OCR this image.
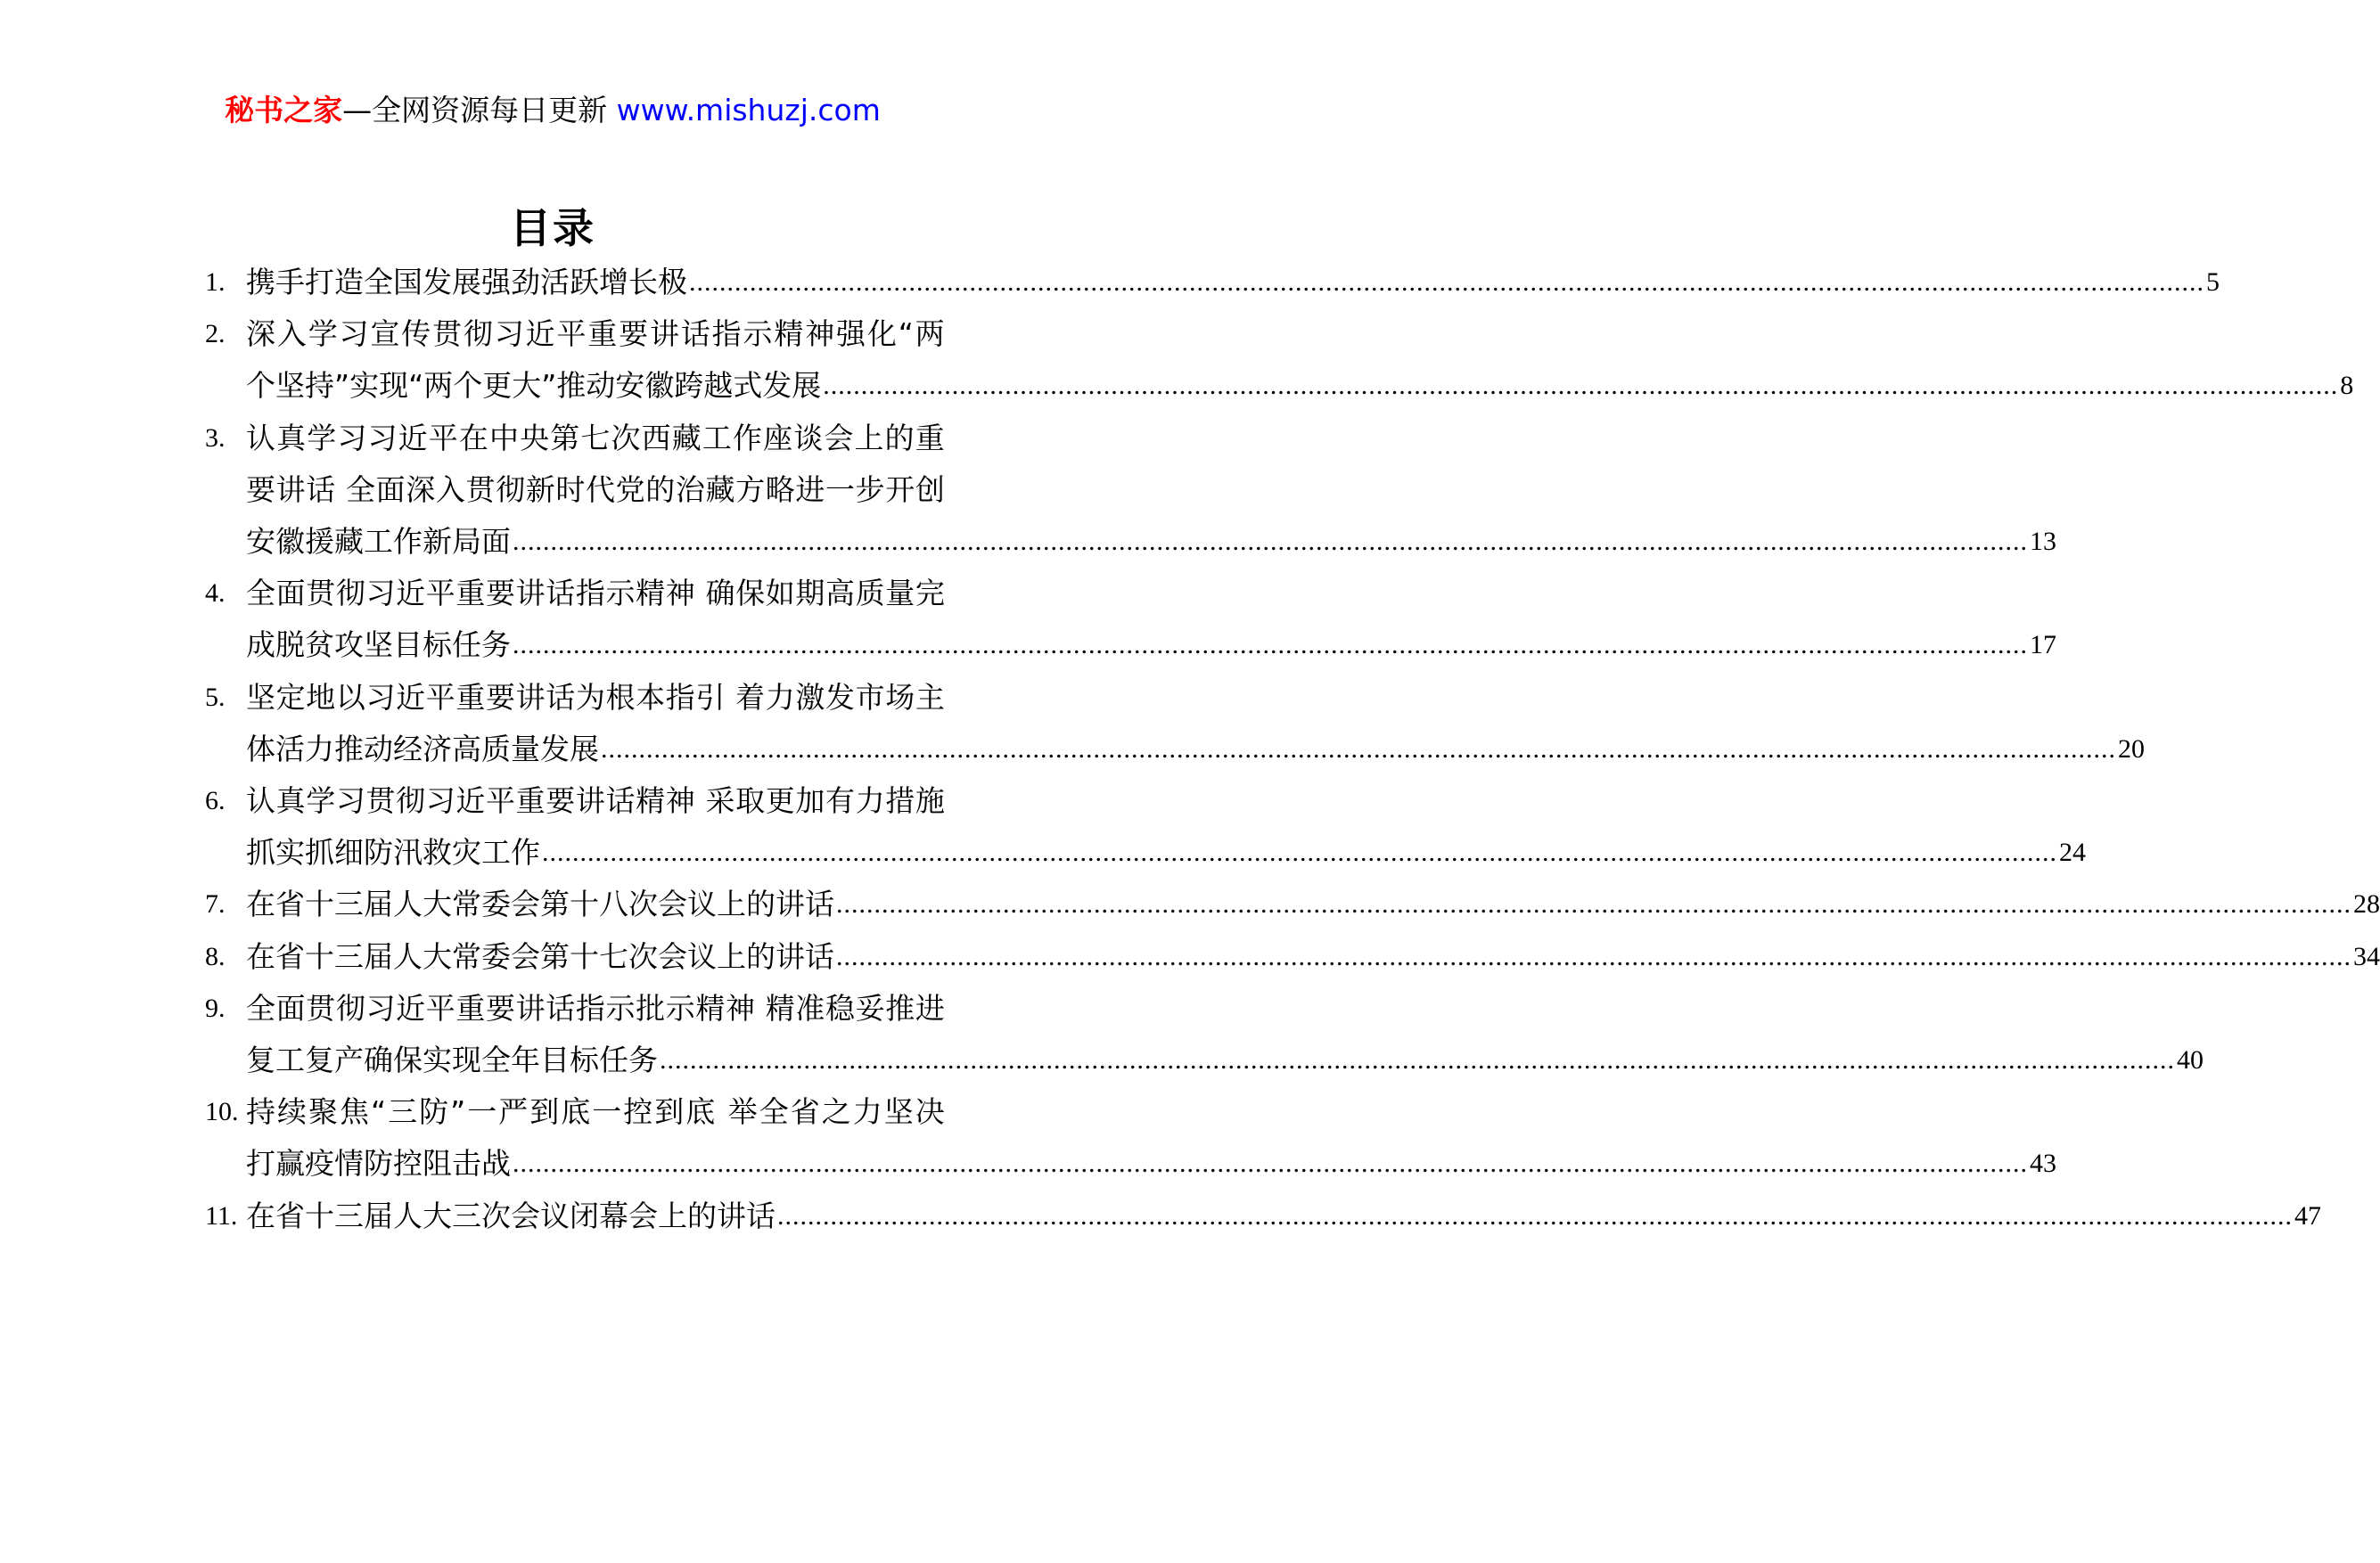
秘书之家—全网资源每日更新 www.mishuzj.com
目录
1. 携手打造全国发展强劲活跃增长极 ........................................................................................................................................................................................................ 5
2. 深 入 学 习 宣 传 贯 彻 习 近 平 重 要 讲 话 指 示 精 神 强 化 “ 两
个坚持”实现“两个更大”推动安徽跨越式发展 ........................................................................................................................................................................................................ 8
3. 认 真 学 习 习 近 平 在 中 央 第 七 次 西 藏 工 作 座 谈 会 上 的 重
要 讲 话
全 面 深 入 贯 彻 新 时 代 党 的 治 藏 方 略 进 一 步 开 创
安徽援藏工作新局面 ........................................................................................................................................................................................................ 13
4. 全 面 贯 彻 习 近 平 重 要 讲 话 指 示 精 神
确 保 如 期 高 质 量 完
成脱贫攻坚目标任务 ........................................................................................................................................................................................................ 17
5. 坚 定 地 以 习 近 平 重 要 讲 话 为 根 本 指 引
着 力 激 发 市 场 主
体活力推动经济高质量发展 ........................................................................................................................................................................................................ 20
6. 认 真 学 习 贯 彻 习 近 平 重 要 讲 话 精 神
采 取 更 加 有 力 措 施
抓实抓细防汛救灾工作 ........................................................................................................................................................................................................ 24
7. 在省十三届人大常委会第十八次会议上的讲话 ........................................................................................................................................................................................................ 28
8. 在省十三届人大常委会第十七次会议上的讲话 ........................................................................................................................................................................................................ 34
9. 全 面 贯 彻 习 近 平 重 要 讲 话 指 示 批 示 精 神
精 准 稳 妥 推 进
复工复产确保实现全年目标任务 ........................................................................................................................................................................................................ 40
10. 持 续 聚 焦 “ 三 防 ” 一 严 到 底 一 控 到 底
举 全 省 之 力 坚 决
打赢疫情防控阻击战 ........................................................................................................................................................................................................ 43
11. 在省十三届人大三次会议闭幕会上的讲话 ........................................................................................................................................................................................................ 47
